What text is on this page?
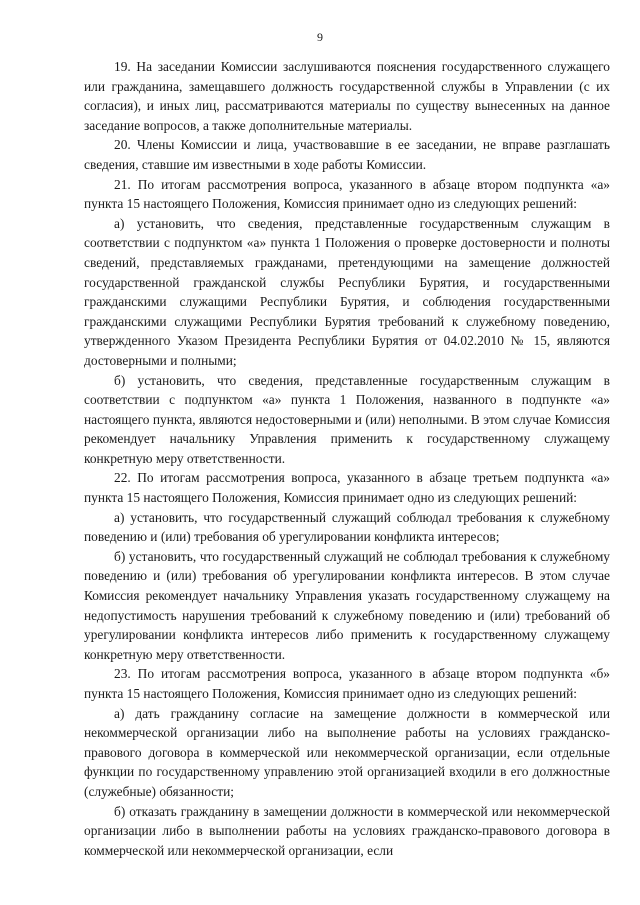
9

19. На заседании Комиссии заслушиваются пояснения государственного служащего или гражданина, замещавшего должность государственной службы в Управлении (с их согласия), и иных лиц, рассматриваются материалы по существу вынесенных на данное заседание вопросов, а также дополнительные материалы.

20. Члены Комиссии и лица, участвовавшие в ее заседании, не вправе разглашать сведения, ставшие им известными в ходе работы Комиссии.

21. По итогам рассмотрения вопроса, указанного в абзаце втором подпункта «а» пункта 15 настоящего Положения, Комиссия принимает одно из следующих решений:

а) установить, что сведения, представленные государственным служащим в соответствии с подпунктом «а» пункта 1 Положения о проверке достоверности и полноты сведений, представляемых гражданами, претендующими на замещение должностей государственной гражданской службы Республики Бурятия, и государственными гражданскими служащими Республики Бурятия, и соблюдения государственными гражданскими служащими Республики Бурятия требований к служебному поведению, утвержденного Указом Президента Республики Бурятия от 04.02.2010 № 15, являются достоверными и полными;

б) установить, что сведения, представленные государственным служащим в соответствии с подпунктом «а» пункта 1 Положения, названного в подпункте «а» настоящего пункта, являются недостоверными и (или) неполными. В этом случае Комиссия рекомендует начальнику Управления применить к государственному служащему конкретную меру ответственности.

22. По итогам рассмотрения вопроса, указанного в абзаце третьем подпункта «а» пункта 15 настоящего Положения, Комиссия принимает одно из следующих решений:

а) установить, что государственный служащий соблюдал требования к служебному поведению и (или) требования об урегулировании конфликта интересов;

б) установить, что государственный служащий не соблюдал требования к служебному поведению и (или) требования об урегулировании конфликта интересов. В этом случае Комиссия рекомендует начальнику Управления указать государственному служащему на недопустимость нарушения требований к служебному поведению и (или) требований об урегулировании конфликта интересов либо применить к государственному служащему конкретную меру ответственности.

23. По итогам рассмотрения вопроса, указанного в абзаце втором подпункта «б» пункта 15 настоящего Положения, Комиссия принимает одно из следующих решений:

а) дать гражданину согласие на замещение должности в коммерческой или некоммерческой организации либо на выполнение работы на условиях гражданско-правового договора в коммерческой или некоммерческой организации, если отдельные функции по государственному управлению этой организацией входили в его должностные (служебные) обязанности;

б) отказать гражданину в замещении должности в коммерческой или некоммерческой организации либо в выполнении работы на условиях гражданско-правового договора в коммерческой или некоммерческой организации, если
